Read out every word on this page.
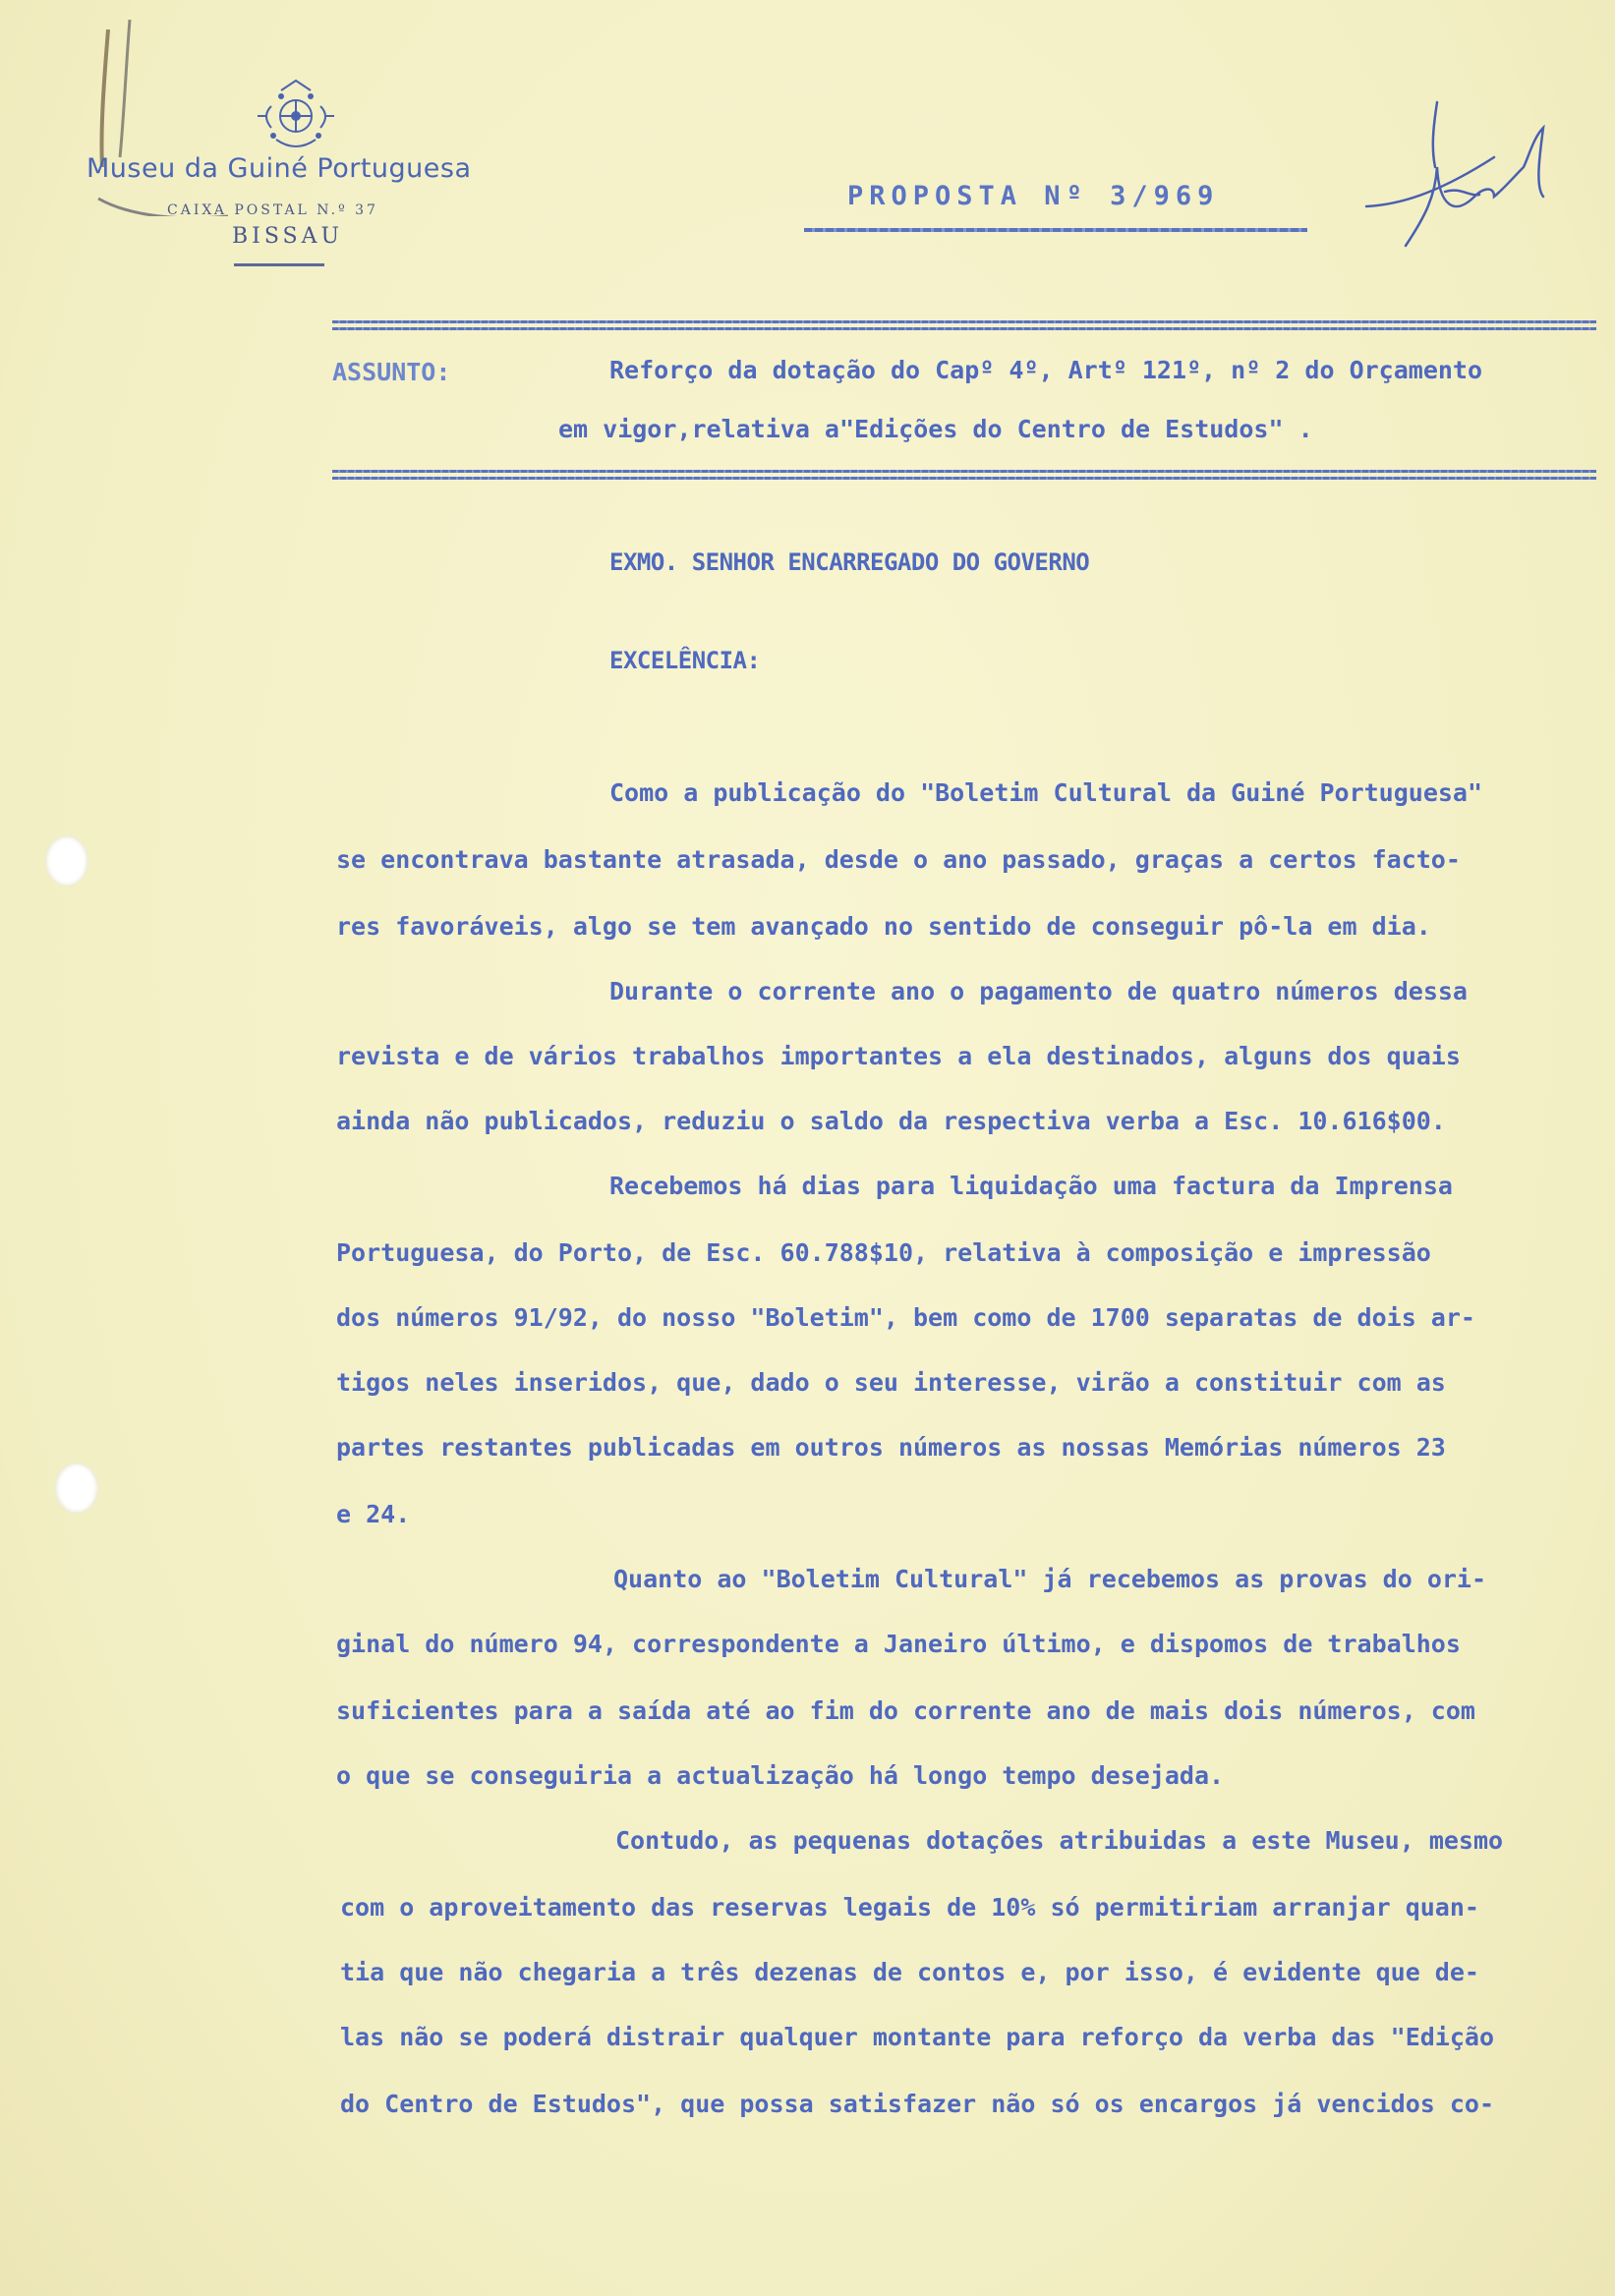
Museu da Guiné Portuguesa
CAIXA POSTAL N.º 37
BISSAU
PROPOSTA Nº 3/969
ASSUNTO:	Reforço da dotação do Capº 4º, Artº 121º, nº 2 do Orçamento
em vigor,relativa a"Edições do Centro de Estudos" .
EXMO. SENHOR ENCARREGADO DO GOVERNO
EXCELÊNCIA:
Como a publicação do "Boletim Cultural da Guiné Portuguesa"
se encontrava bastante atrasada, desde o ano passado, graças a certos facto-
res favoráveis, algo se tem avançado no sentido de conseguir pô-la em dia.
Durante o corrente ano o pagamento de quatro números dessa
revista e de vários trabalhos importantes a ela destinados, alguns dos quais
ainda não publicados, reduziu o saldo da respectiva verba a Esc. 10.616$00.
Recebemos há dias para liquidação uma factura da Imprensa
Portuguesa, do Porto, de Esc. 60.788$10, relativa à composição e impressão
dos números 91/92, do nosso "Boletim", bem como de 1700 separatas de dois ar-
tigos neles inseridos, que, dado o seu interesse, virão a constituir com as
partes restantes publicadas em outros números as nossas Memórias números 23
e 24.
Quanto ao "Boletim Cultural" já recebemos as provas do ori-
ginal do número 94, correspondente a Janeiro último, e dispomos de trabalhos
suficientes para a saída até ao fim do corrente ano de mais dois números, com
o que se conseguiria a actualização há longo tempo desejada.
Contudo, as pequenas dotações atribuidas a este Museu, mesmo
com o aproveitamento das reservas legais de 10% só permitiriam arranjar quan-
tia que não chegaria a três dezenas de contos e, por isso, é evidente que de-
las não se poderá distrair qualquer montante para reforço da verba das "Edição
do Centro de Estudos", que possa satisfazer não só os encargos já vencidos co-
